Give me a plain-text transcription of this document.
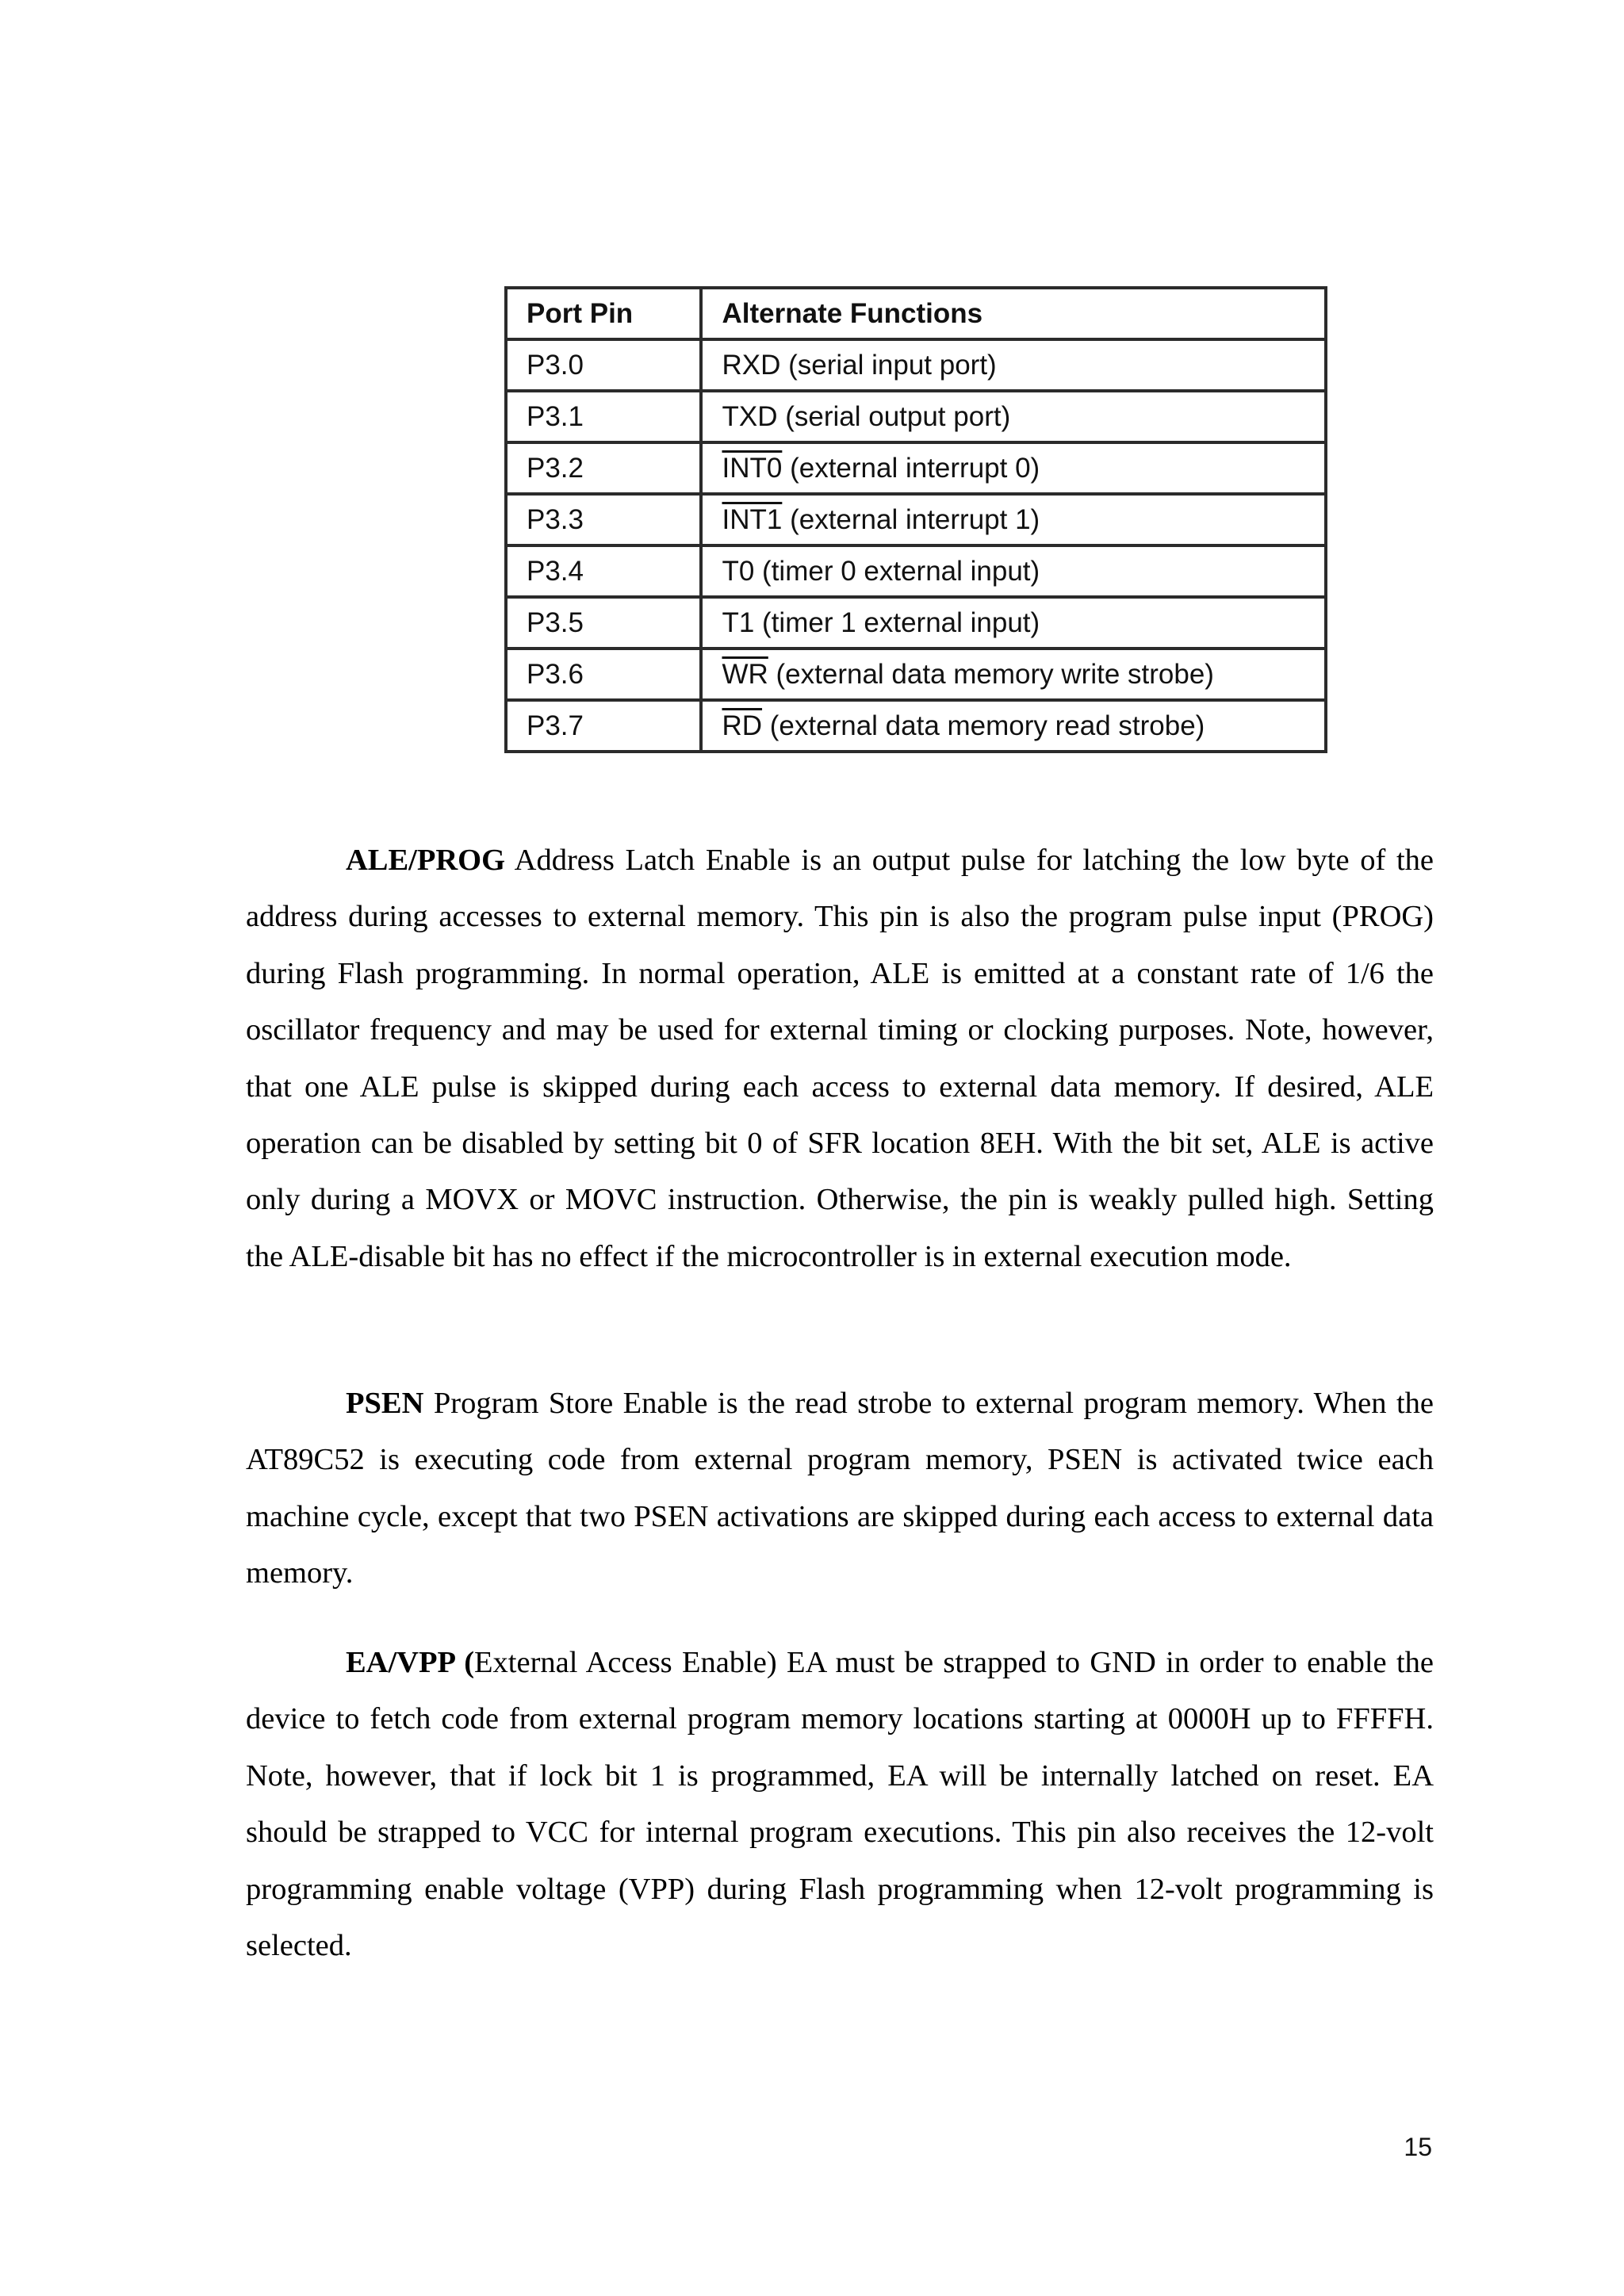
Port Pin	Alternate Functions
P3.0	RXD (serial input port)
P3.1	TXD (serial output port)
P3.2	INT0 (external interrupt 0)
P3.3	INT1 (external interrupt 1)
P3.4	T0 (timer 0 external input)
P3.5	T1 (timer 1 external input)
P3.6	$\overline{WR}$ (external data memory write strobe)
P3.7	$\overline{RD}$ (external data memory read strobe)

ALE/PROG Address Latch Enable is an output pulse for latching the low byte of the address during accesses to external memory. This pin is also the program pulse input (PROG) during Flash programming. In normal operation, ALE is emitted at a constant rate of 1/6 the oscillator frequency and may be used for external timing or clocking purposes. Note, however, that one ALE pulse is skipped during each access to external data memory. If desired, ALE operation can be disabled by setting bit 0 of SFR location 8EH. With the bit set, ALE is active only during a MOVX or MOVC instruction. Otherwise, the pin is weakly pulled high. Setting the ALE-disable bit has no effect if the microcontroller is in external execution mode.

PSEN Program Store Enable is the read strobe to external program memory. When the AT89C52 is executing code from external program memory, PSEN is activated twice each machine cycle, except that two PSEN activations are skipped during each access to external data memory.

EA/VPP (External Access Enable) EA must be strapped to GND in order to enable the device to fetch code from external program memory locations starting at 0000H up to FFFFH. Note, however, that if lock bit 1 is programmed, EA will be internally latched on reset. EA should be strapped to VCC for internal program executions. This pin also receives the 12-volt programming enable voltage (VPP) during Flash programming when 12-volt programming is selected.

15
